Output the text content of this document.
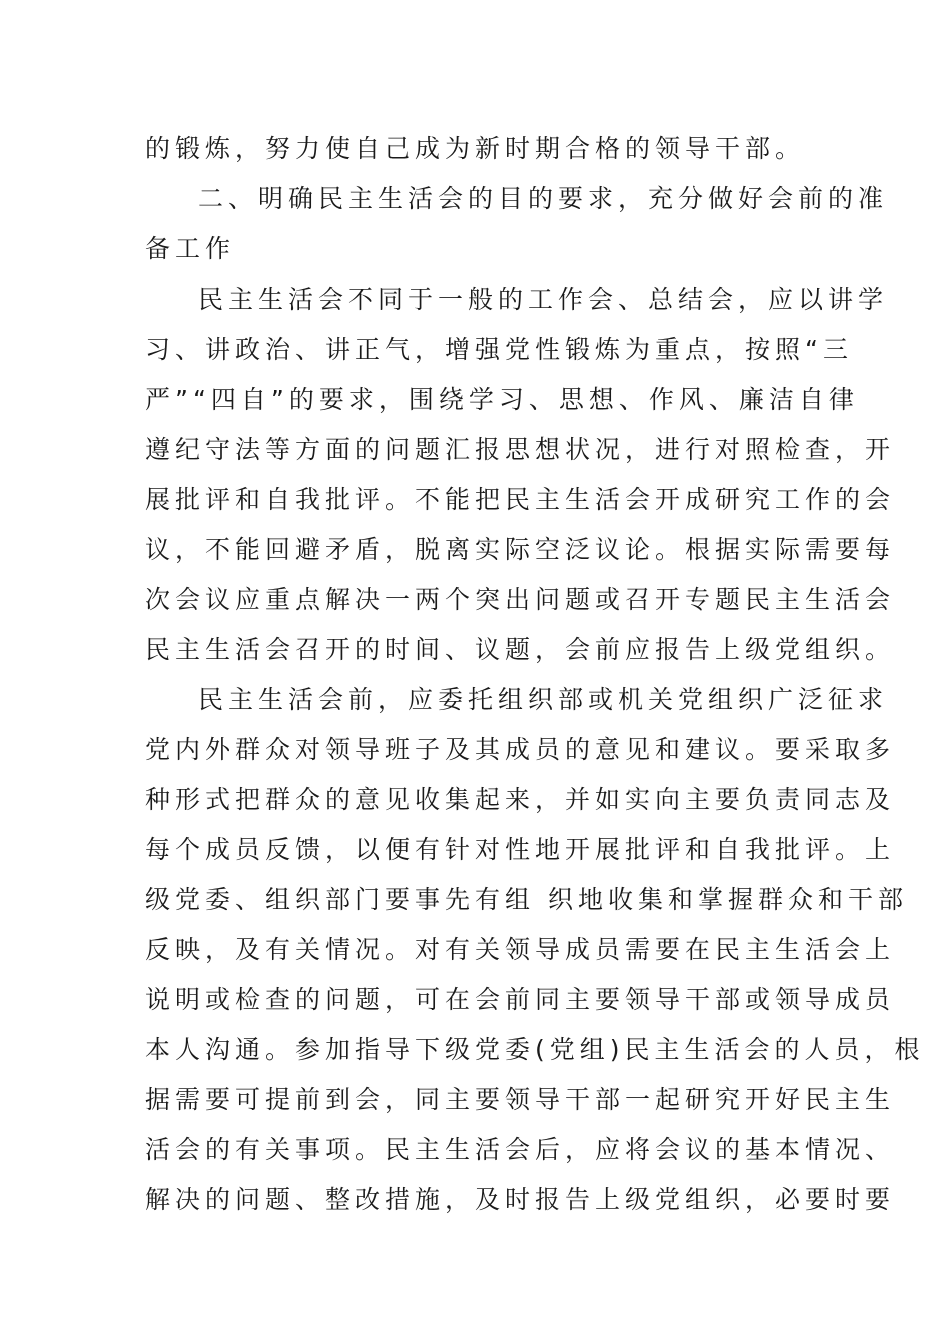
的锻炼，努力使自己成为新时期合格的领导干部。
二、明确民主生活会的目的要求，充分做好会前的准
备工作
民主生活会不同于一般的工作会、总结会，应以讲学
习、讲政治、讲正气，增强党性锻炼为重点，按照“三
严”“四自”的要求，围绕学习、思想、作风、廉洁自律
遵纪守法等方面的问题汇报思想状况，进行对照检查，开
展批评和自我批评。不能把民主生活会开成研究工作的会
议，不能回避矛盾，脱离实际空泛议论。根据实际需要每
次会议应重点解决一两个突出问题或召开专题民主生活会
民主生活会召开的时间、议题，会前应报告上级党组织。
民主生活会前，应委托组织部或机关党组织广泛征求
党内外群众对领导班子及其成员的意见和建议。要采取多
种形式把群众的意见收集起来，并如实向主要负责同志及
每个成员反馈，以便有针对性地开展批评和自我批评。上
级党委、组织部门要事先有组 织地收集和掌握群众和干部
反映，及有关情况。对有关领导成员需要在民主生活会上
说明或检查的问题，可在会前同主要领导干部或领导成员
本人沟通。参加指导下级党委(党组)民主生活会的人员，根
据需要可提前到会，同主要领导干部一起研究开好民主生
活会的有关事项。民主生活会后，应将会议的基本情况、
解决的问题、整改措施，及时报告上级党组织，必要时要
